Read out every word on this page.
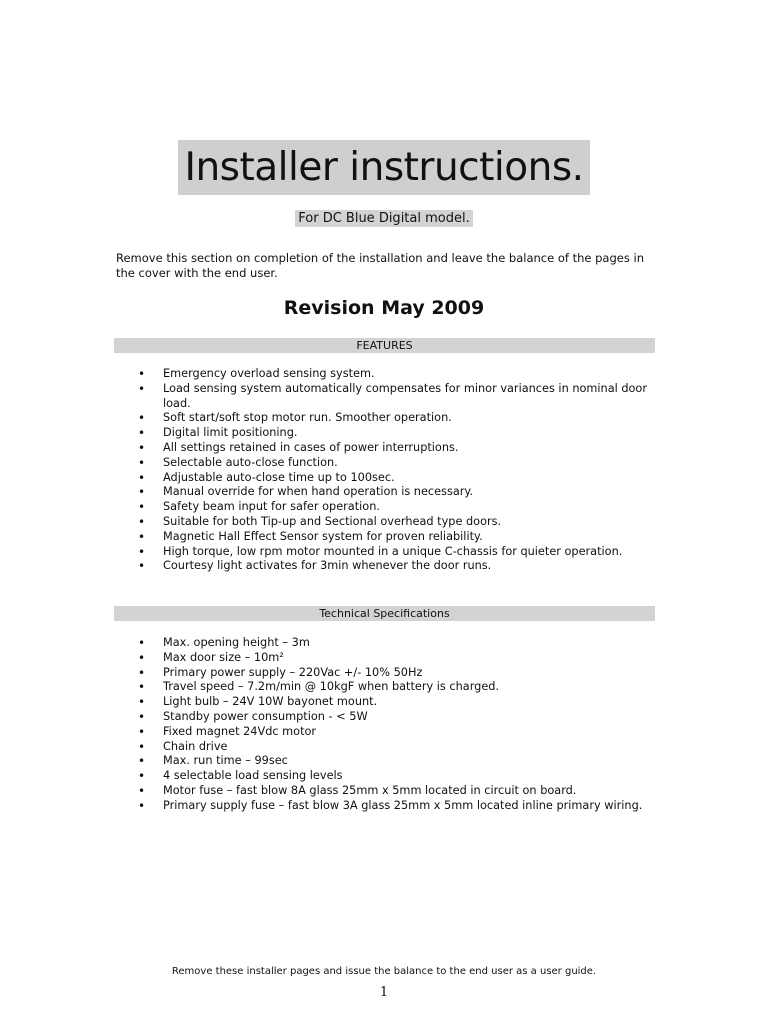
Installer instructions.
For DC Blue Digital model.
Remove this section on completion of the installation and leave the balance of the pages in the cover with the end user.
Revision May 2009
FEATURES
• Emergency overload sensing system.
• Load sensing system automatically compensates for minor variances in nominal door load.
• Soft start/soft stop motor run. Smoother operation.
• Digital limit positioning.
• All settings retained in cases of power interruptions.
• Selectable auto-close function.
• Adjustable auto-close time up to 100sec.
• Manual override for when hand operation is necessary.
• Safety beam input for safer operation.
• Suitable for both Tip-up and Sectional overhead type doors.
• Magnetic Hall Effect Sensor system for proven reliability.
• High torque, low rpm motor mounted in a unique C-chassis for quieter operation.
• Courtesy light activates for 3min whenever the door runs.
Technical Specifications
• Max. opening height – 3m
• Max door size – 10m²
• Primary power supply – 220Vac +/- 10% 50Hz
• Travel speed – 7.2m/min @ 10kgF when battery is charged.
• Light bulb – 24V 10W bayonet mount.
• Standby power consumption - < 5W
• Fixed magnet 24Vdc motor
• Chain drive
• Max. run time – 99sec
• 4 selectable load sensing levels
• Motor fuse – fast blow 8A glass 25mm x 5mm located in circuit on board.
• Primary supply fuse – fast blow 3A glass 25mm x 5mm located inline primary wiring.
Remove these installer pages and issue the balance to the end user as a user guide.
1
